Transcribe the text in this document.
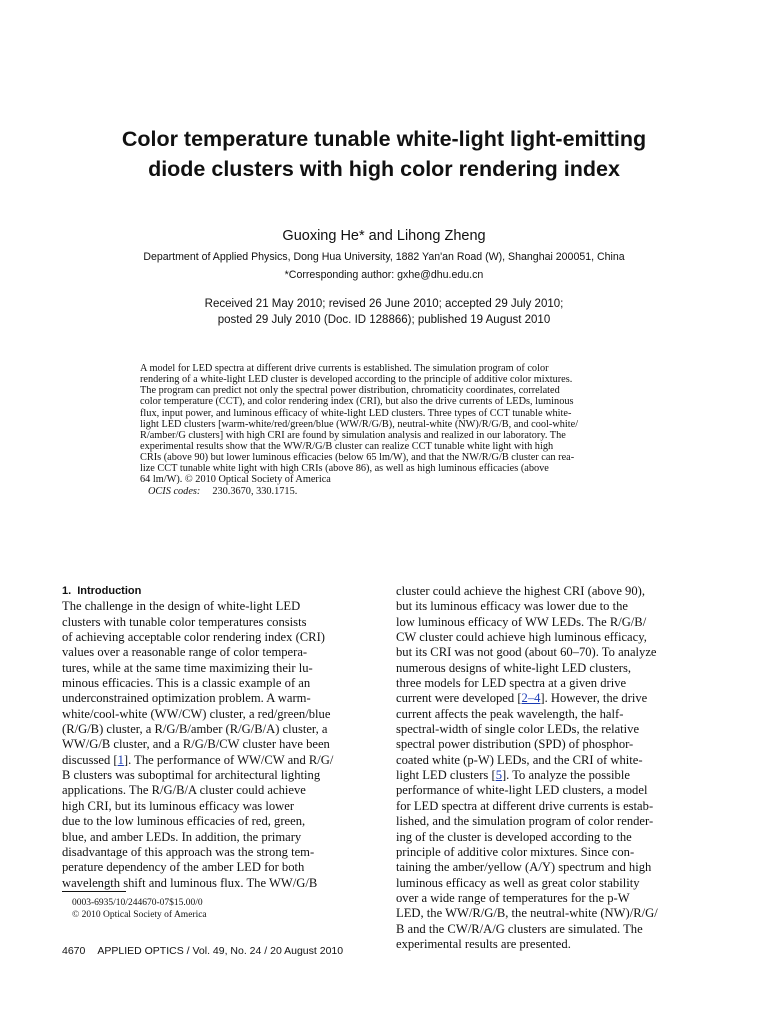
Color temperature tunable white-light light-emitting
diode clusters with high color rendering index
Guoxing He* and Lihong Zheng
Department of Applied Physics, Dong Hua University, 1882 Yan'an Road (W), Shanghai 200051, China
*Corresponding author: gxhe@dhu.edu.cn
Received 21 May 2010; revised 26 June 2010; accepted 29 July 2010;
posted 29 July 2010 (Doc. ID 128866); published 19 August 2010
A model for LED spectra at different drive currents is established. The simulation program of color
rendering of a white-light LED cluster is developed according to the principle of additive color mixtures.
The program can predict not only the spectral power distribution, chromaticity coordinates, correlated
color temperature (CCT), and color rendering index (CRI), but also the drive currents of LEDs, luminous
flux, input power, and luminous efficacy of white-light LED clusters. Three types of CCT tunable white-
light LED clusters [warm-white/red/green/blue (WW/R/G/B), neutral-white (NW)/R/G/B, and cool-white/
R/amber/G clusters] with high CRI are found by simulation analysis and realized in our laboratory. The
experimental results show that the WW/R/G/B cluster can realize CCT tunable white light with high
CRIs (above 90) but lower luminous efficacies (below 65 lm/W), and that the NW/R/G/B cluster can rea-
lize CCT tunable white light with high CRIs (above 86), as well as high luminous efficacies (above
64 lm/W). © 2010 Optical Society of America
OCIS codes: 230.3670, 330.1715.
1. Introduction
The challenge in the design of white-light LED
clusters with tunable color temperatures consists
of achieving acceptable color rendering index (CRI)
values over a reasonable range of color tempera-
tures, while at the same time maximizing their lu-
minous efficacies. This is a classic example of an
underconstrained optimization problem. A warm-
white/cool-white (WW/CW) cluster, a red/green/blue
(R/G/B) cluster, a R/G/B/amber (R/G/B/A) cluster, a
WW/G/B cluster, and a R/G/B/CW cluster have been
discussed [1]. The performance of WW/CW and R/G/
B clusters was suboptimal for architectural lighting
applications. The R/G/B/A cluster could achieve
high CRI, but its luminous efficacy was lower
due to the low luminous efficacies of red, green,
blue, and amber LEDs. In addition, the primary
disadvantage of this approach was the strong tem-
perature dependency of the amber LED for both
wavelength shift and luminous flux. The WW/G/B
cluster could achieve the highest CRI (above 90),
but its luminous efficacy was lower due to the
low luminous efficacy of WW LEDs. The R/G/B/
CW cluster could achieve high luminous efficacy,
but its CRI was not good (about 60–70). To analyze
numerous designs of white-light LED clusters,
three models for LED spectra at a given drive
current were developed [2–4]. However, the drive
current affects the peak wavelength, the half-
spectral-width of single color LEDs, the relative
spectral power distribution (SPD) of phosphor-
coated white (p-W) LEDs, and the CRI of white-
light LED clusters [5]. To analyze the possible
performance of white-light LED clusters, a model
for LED spectra at different drive currents is estab-
lished, and the simulation program of color render-
ing of the cluster is developed according to the
principle of additive color mixtures. Since con-
taining the amber/yellow (A/Y) spectrum and high
luminous efficacy as well as great color stability
over a wide range of temperatures for the p-W
LED, the WW/R/G/B, the neutral-white (NW)/R/G/
B and the CW/R/A/G clusters are simulated. The
experimental results are presented.
0003-6935/10/244670-07$15.00/0
© 2010 Optical Society of America
4670 APPLIED OPTICS / Vol. 49, No. 24 / 20 August 2010
